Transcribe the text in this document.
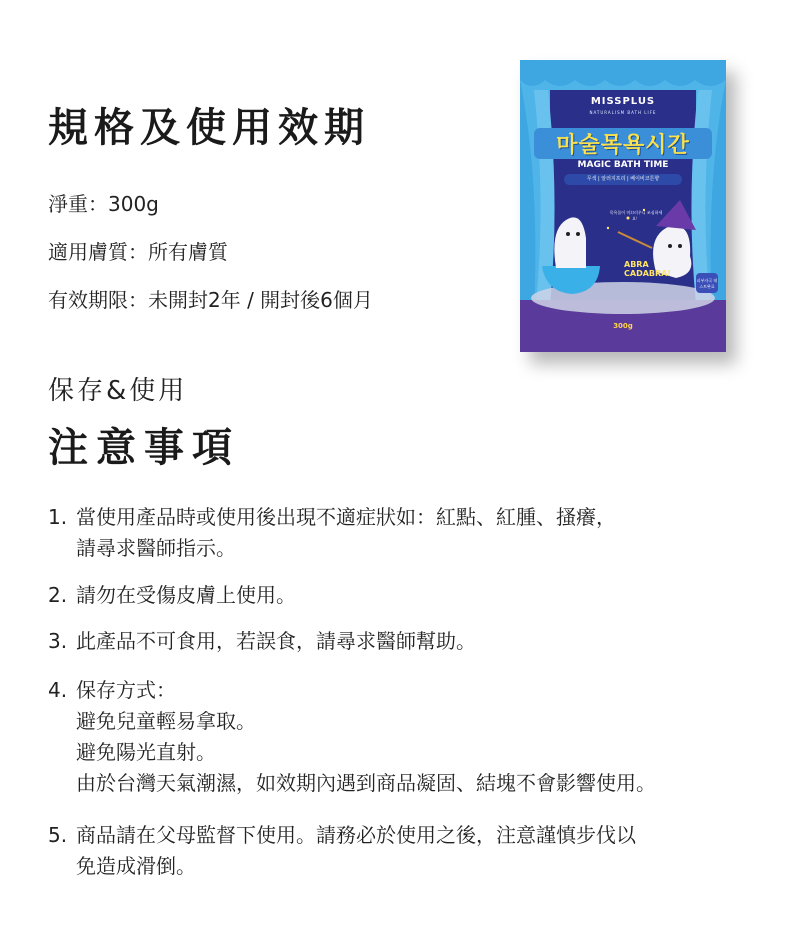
規格及使用效期
淨重：300g
適用膚質：所有膚質
有效期限：未開封2年 / 開封後6個月
MISSPLUS
NATURALISM BATH LIFE
마술목욕시간
MAGIC BATH TIME
무색 | 알러지프리 | 베이비코튼향
목욕물이 미끄러우니 조심하세요！
ABRA
CADABRA!
피부자극 테스트완료
300g
保存&使用
注意事項
1. 當使用產品時或使用後出現不適症狀如：紅點、紅腫、搔癢，
請尋求醫師指示。
2. 請勿在受傷皮膚上使用。
3. 此產品不可食用，若誤食，請尋求醫師幫助。
4. 保存方式：
避免兒童輕易拿取。
避免陽光直射。
由於台灣天氣潮濕，如效期內遇到商品凝固、結塊不會影響使用。
5. 商品請在父母監督下使用。請務必於使用之後，注意謹慎步伐以
免造成滑倒。
